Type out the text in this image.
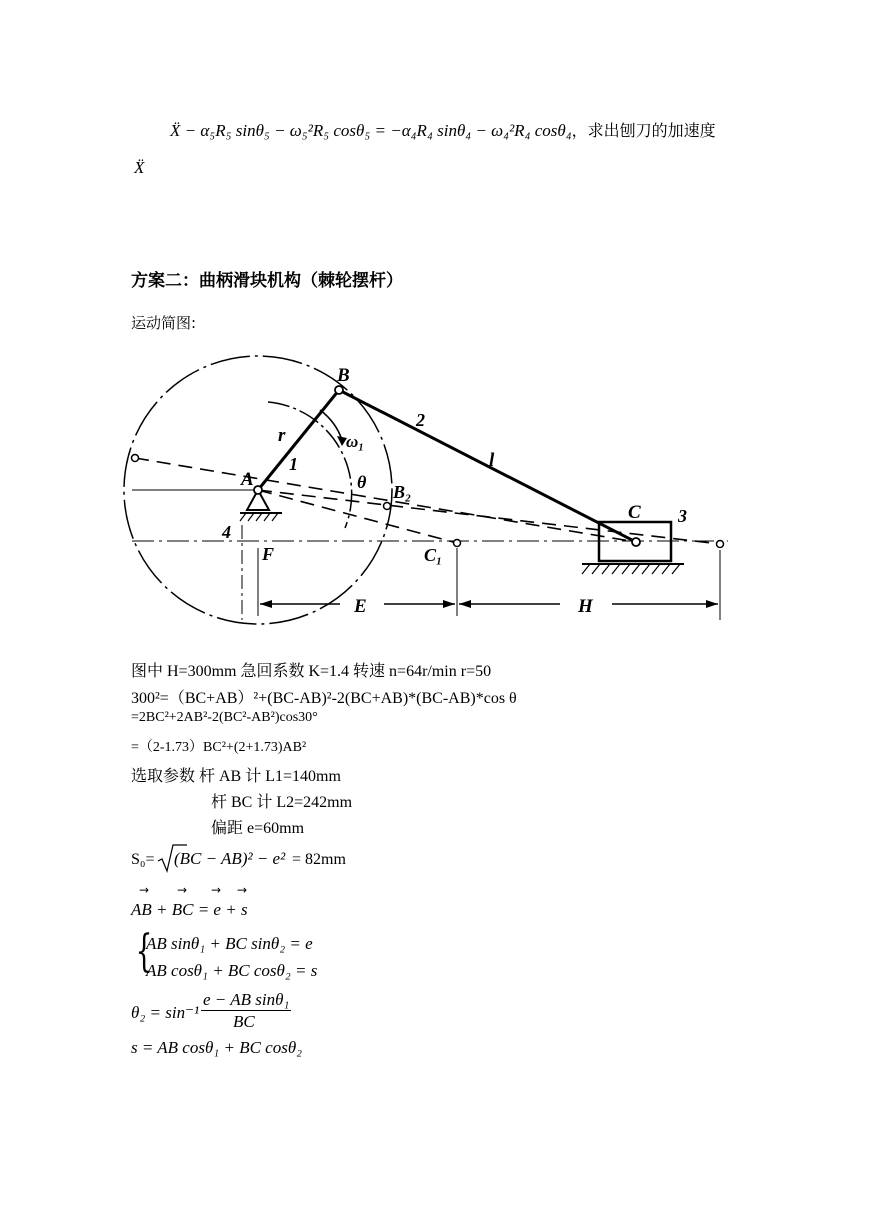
Ẍ − α₅R₅ sinθ₅ − ω₅²R₅ cosθ₅ = −α₄R₄ sinθ₄ − ω₄²R₄ cosθ₄，求出刨刀的加速度
Ẍ
方案二：曲柄滑块机构（棘轮摆杆）
运动简图:
B
2
r	ω₁
1	l
A	θ B₂
C 3
4
F	C₁
E	H
图中 H=300mm 急回系数 K=1.4 转速 n=64r/min r=50
300²=（BC+AB）²+(BC-AB)²-2(BC+AB)*(BC-AB)*cos θ
=2BC²+2AB²-2(BC²-AB²)cos30°
=（2-1.73）BC²+(2+1.73)AB²
选取参数 杆 AB 计 L1=140mm
杆 BC 计 L2=242mm
偏距 e=60mm
S₀= (BC − AB)² − e² = 82mm
AB + BC = e + s
→ → → →
{
AB sinθ₁ + BC sinθ₂ = e
AB cosθ₁ + BC cosθ₂ = s
θ₂ = sin⁻¹
e − AB sinθ₁
BC
s = AB cosθ₁ + BC cosθ₂
